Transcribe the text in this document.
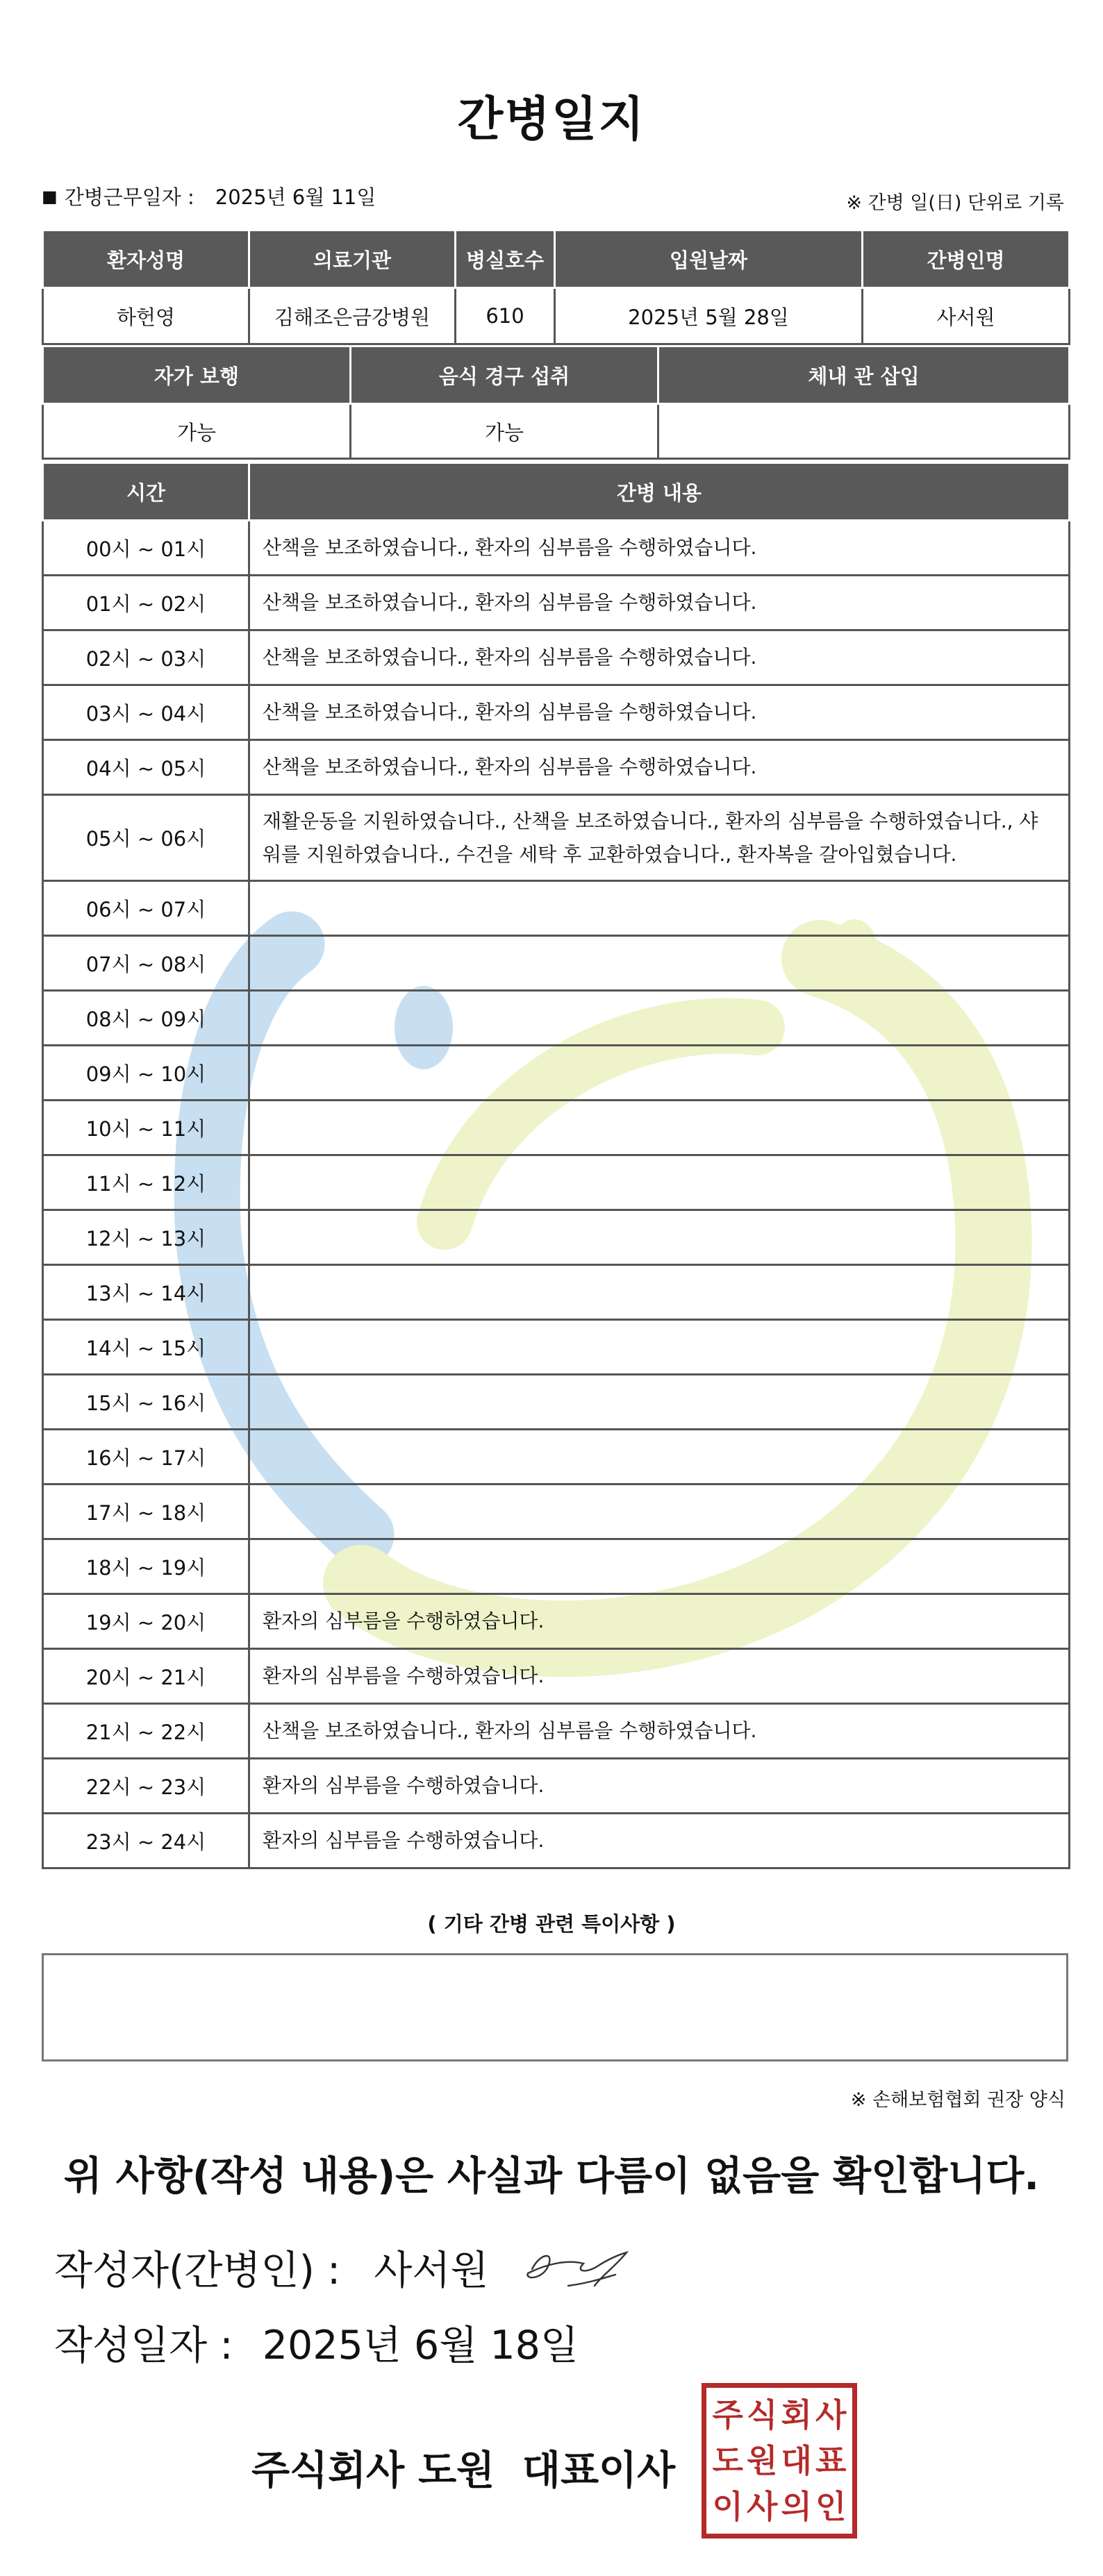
간병일지
■ 간병근무일자 : 2025년 6월 11일	※ 간병 일(日) 단위로 기록
환자성명	의료기관	병실호수	입원날짜	간병인명
하헌영	김해조은금강병원	610	2025년 5월 28일	사서원
자가 보행	음식 경구 섭취	체내 관 삽입
가능	가능	
시간	간병 내용
00시 ~ 01시	산책을 보조하였습니다., 환자의 심부름을 수행하였습니다.
01시 ~ 02시	산책을 보조하였습니다., 환자의 심부름을 수행하였습니다.
02시 ~ 03시	산책을 보조하였습니다., 환자의 심부름을 수행하였습니다.
03시 ~ 04시	산책을 보조하였습니다., 환자의 심부름을 수행하였습니다.
04시 ~ 05시	산책을 보조하였습니다., 환자의 심부름을 수행하였습니다.
05시 ~ 06시	재활운동을 지원하였습니다., 산책을 보조하였습니다., 환자의 심부름을 수행하였습니다., 샤워를 지원하였습니다., 수건을 세탁 후 교환하였습니다., 환자복을 갈아입혔습니다.
06시 ~ 07시	
07시 ~ 08시	
08시 ~ 09시	
09시 ~ 10시	
10시 ~ 11시	
11시 ~ 12시	
12시 ~ 13시	
13시 ~ 14시	
14시 ~ 15시	
15시 ~ 16시	
16시 ~ 17시	
17시 ~ 18시	
18시 ~ 19시	
19시 ~ 20시	환자의 심부름을 수행하였습니다.
20시 ~ 21시	환자의 심부름을 수행하였습니다.
21시 ~ 22시	산책을 보조하였습니다., 환자의 심부름을 수행하였습니다.
22시 ~ 23시	환자의 심부름을 수행하였습니다.
23시 ~ 24시	환자의 심부름을 수행하였습니다.
( 기타 간병 관련 특이사항 )
※ 손해보험협회 권장 양식
위 사항(작성 내용)은 사실과 다름이 없음을 확인합니다.
작성자(간병인) : 사서원
작성일자 : 2025년 6월 18일
주식회사 도원  대표이사
주 식 회 사
도 원 대 표
이 사 의 인
